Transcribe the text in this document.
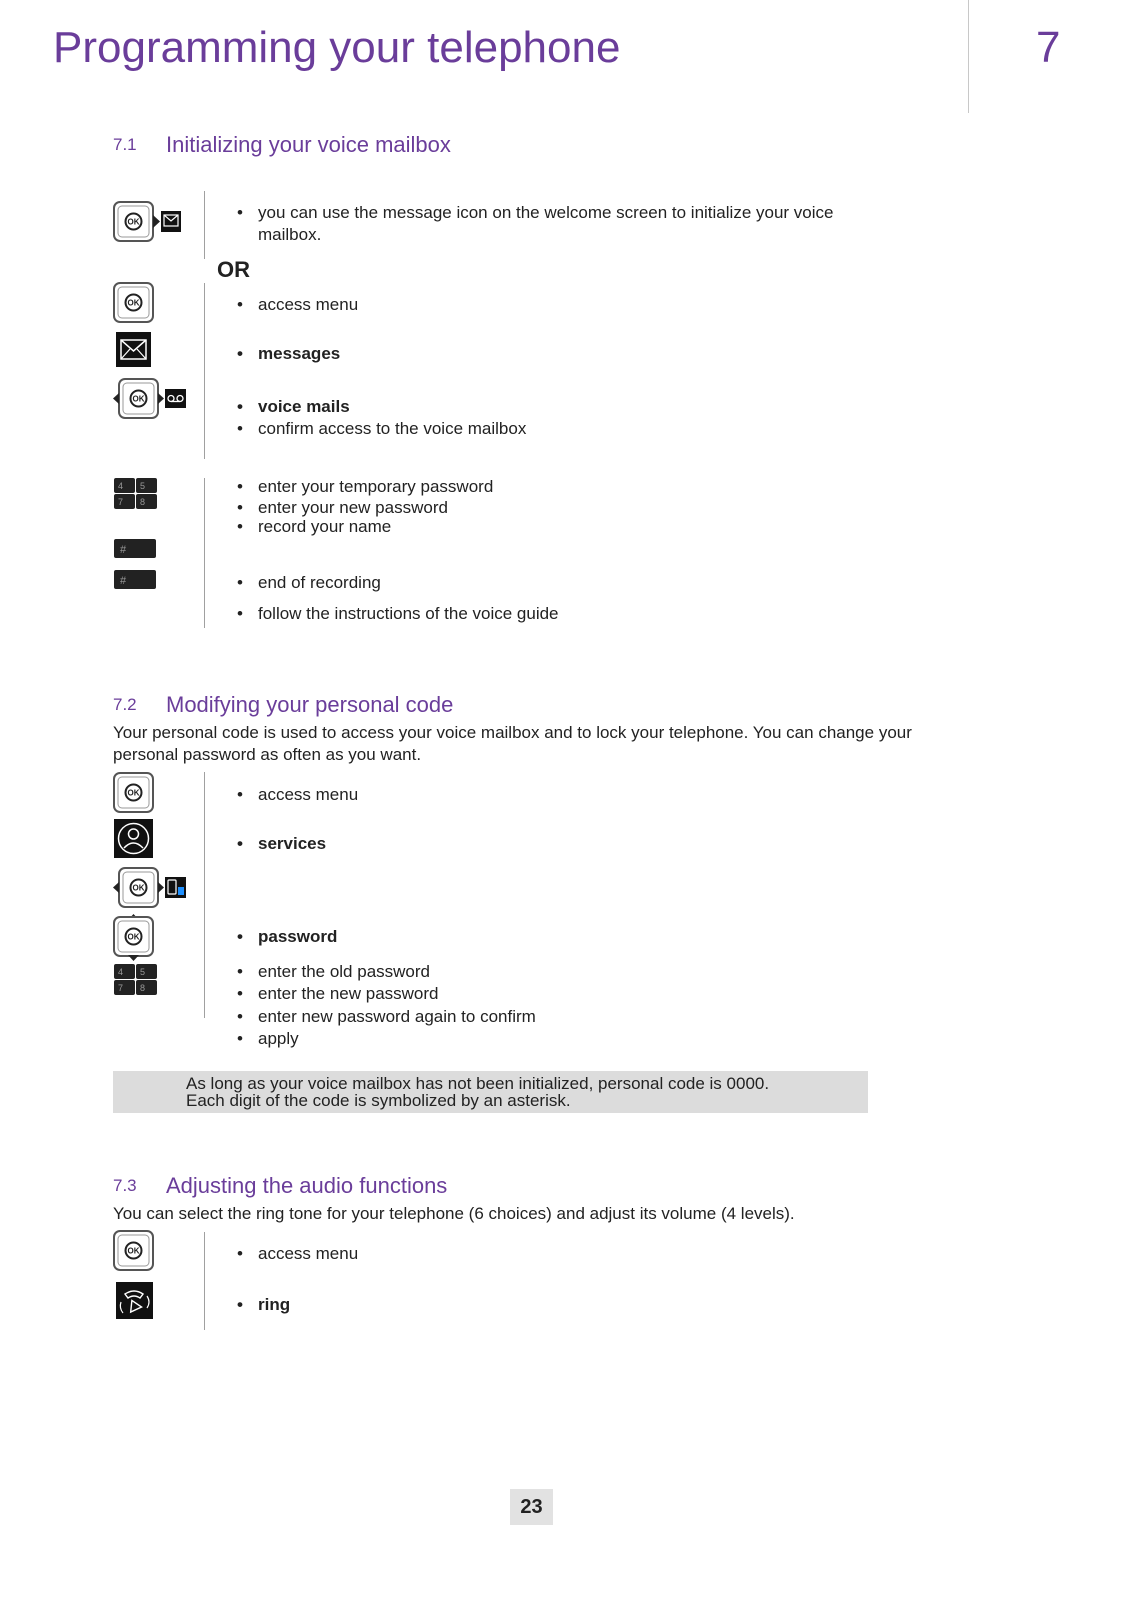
Programming your telephone	7
7.1 Initializing your voice mailbox
OK	• you can use the message icon on the welcome screen to initialize your voice
mailbox.
OR
OK	• access menu
• messages
OK	• voice mails
• confirm access to the voice mailbox
4 5
7 8
• enter your temporary password
• enter your new password
• record your name
#
#	• end of recording
• follow the instructions of the voice guide
7.2 Modifying your personal code
Your personal code is used to access your voice mailbox and to lock your telephone. You can change your
personal password as often as you want.
OK	• access menu
• services
OK
OK	• password
4 5
7 8
• enter the old password
• enter the new password
• enter new password again to confirm
• apply
As long as your voice mailbox has not been initialized, personal code is 0000.
Each digit of the code is symbolized by an asterisk.
7.3 Adjusting the audio functions
You can select the ring tone for your telephone (6 choices) and adjust its volume (4 levels).
OK	• access menu
• ring
23
